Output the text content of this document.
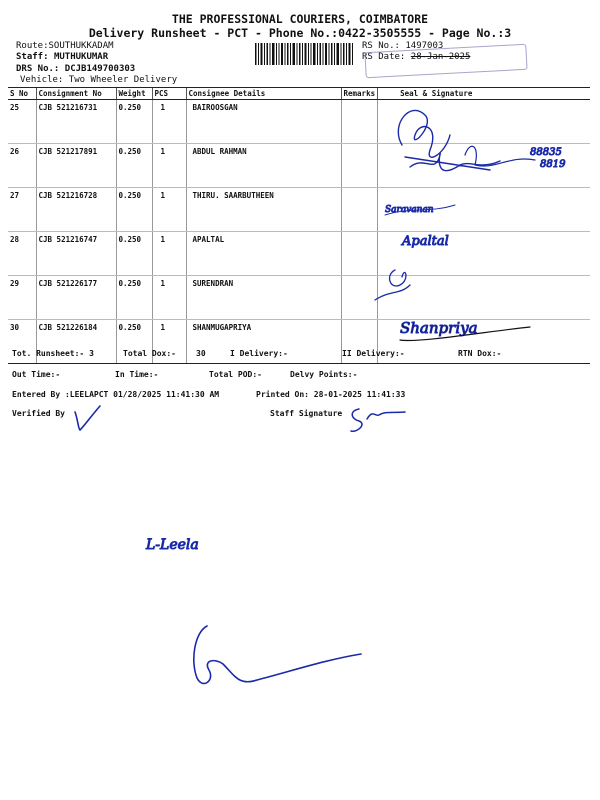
THE PROFESSIONAL COURIERS, COIMBATORE
Delivery Runsheet - PCT - Phone No.:0422-3505555 - Page No.:3
Route:SOUTHUKKADAM
Staff: MUTHUKUMAR
DRS No.: DCJB149700303
Vehicle: Two Wheeler Delivery
RS No.: 1497003
RS Date: 28-Jan-2025
S No	Consignment No	Weight	PCS	Consignee Details	Remarks	Seal & Signature
25	CJB 521216731	0.250	1	BAIROOSGAN		
26	CJB 521217891	0.250	1	ABDUL RAHMAN		
27	CJB 521216728	0.250	1	THIRU. SAARBUTHEEN		
28	CJB 521216747	0.250	1	APALTAL		
29	CJB 521226177	0.250	1	SURENDRAN		
30	CJB 521226184	0.250	1	SHANMUGAPRIYA		
88835
8819
Saravanan
Apaltal
Shanpriya
Tot. Runsheet:- 3	Total Dox:-	30	I Delivery:-	II Delivery:-	RTN Dox:-
Out Time:-	In Time:-	Total POD:-	Delvy Points:-
Entered By :LEELAPCT 01/28/2025 11:41:30 AM	Printed On: 28-01-2025 11:41:33
Verified By	Staff Signature
L-Leela
